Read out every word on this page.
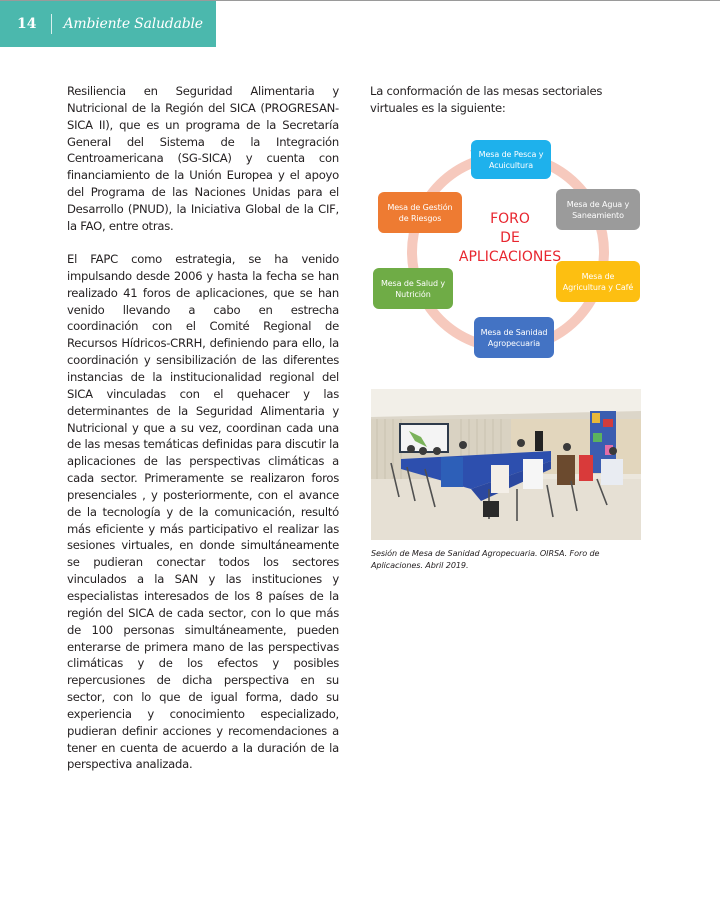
14 Ambiente Saludable

Resiliencia en Seguridad Alimentaria y Nutricional de la Región del SICA (PROGRESAN-SICA II), que es un programa de la Secretaría General del Sistema de la Integración Centroamericana (SG-SICA) y cuenta con financiamiento de la Unión Europea y el apoyo del Programa de las Naciones Unidas para el Desarrollo (PNUD), la Iniciativa Global de la CIF, la FAO, entre otras.

El FAPC como estrategia, se ha venido impulsando desde 2006 y hasta la fecha se han realizado 41 foros de aplicaciones, que se han venido llevando a cabo en estrecha coordinación con el Comité Regional de Recursos Hídricos-CRRH, definiendo para ello, la coordinación y sensibilización de las diferentes instancias de la institucionalidad regional del SICA vinculadas con el quehacer y las determinantes de la Seguridad Alimentaria y Nutricional y que a su vez, coordinan cada una de las mesas temáticas definidas para discutir la aplicaciones de las perspectivas climáticas a cada sector. Primeramente se realizaron foros presenciales , y posteriormente, con el avance de la tecnología y de la comunicación, resultó más eficiente y más participativo el realizar las sesiones virtuales, en donde simultáneamente se pudieran conectar todos los sectores vinculados a la SAN y las instituciones y especialistas interesados de los 8 países de la región del SICA de cada sector, con lo que más de 100 personas simultáneamente, pueden enterarse de primera mano de las perspectivas climáticas y de los efectos y posibles repercusiones de dicha perspectiva en su sector, con lo que de igual forma, dado su experiencia y conocimiento especializado, pudieran definir acciones y recomendaciones a tener en cuenta de acuerdo a la duración de la perspectiva analizada.

La conformación de las mesas sectoriales virtuales es la siguiente:

Mesa de Pesca y Acuicultura
Mesa de Agua y Saneamiento
Mesa de Agricultura y Café
Mesa de Sanidad Agropecuaria
Mesa de Salud y Nutrición
Mesa de Gestión de Riesgos	FORO
DE
APLICACIONES
Sesión de Mesa de Sanidad Agropecuaria. OIRSA. Foro de Aplicaciones. Abril 2019.
